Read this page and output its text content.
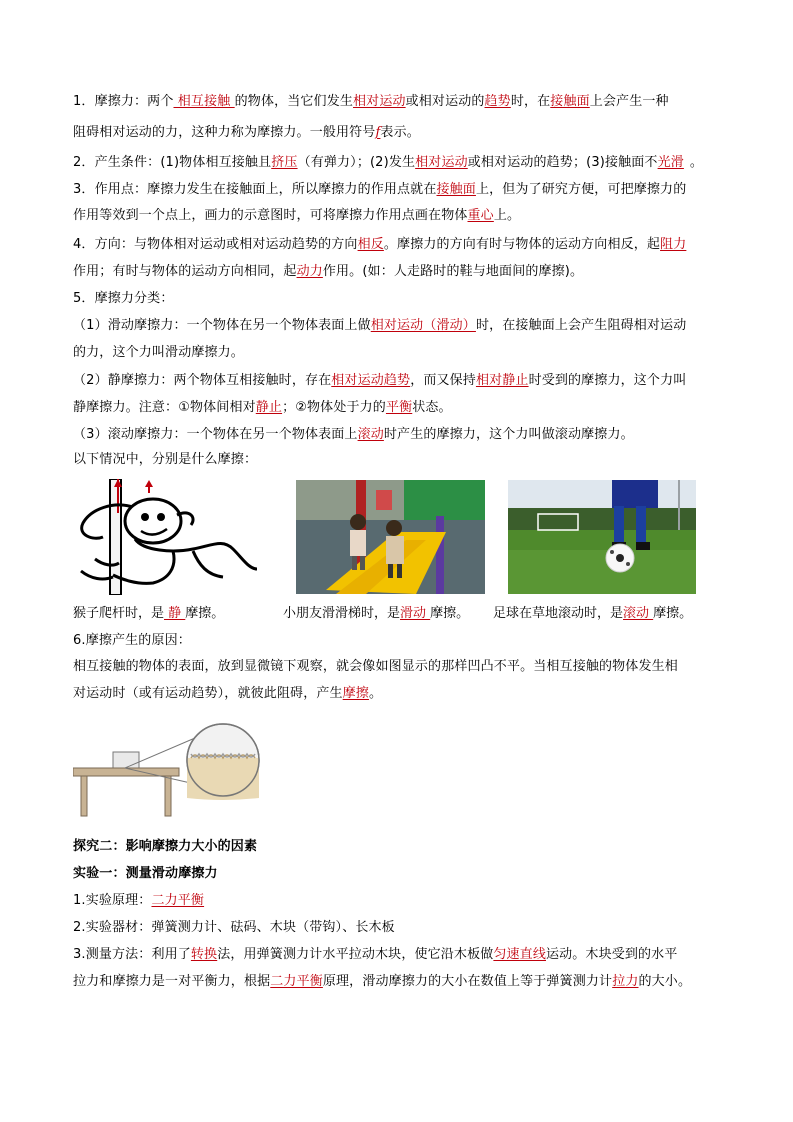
1．摩擦力：两个 相互接触 的物体，当它们发生相对运动或相对运动的趋势时，在接触面上会产生一种
阻碍相对运动的力，这种力称为摩擦力。一般用符号f表示。
2．产生条件：(1)物体相互接触且挤压（有弹力）；(2)发生相对运动或相对运动的趋势；(3)接触面不光滑 。
3．作用点：摩擦力发生在接触面上，所以摩擦力的作用点就在接触面上，但为了研究方便，可把摩擦力的
作用等效到一个点上，画力的示意图时，可将摩擦力作用点画在物体重心上。
4．方向：与物体相对运动或相对运动趋势的方向相反。摩擦力的方向有时与物体的运动方向相反，起阻力
作用；有时与物体的运动方向相同，起动力作用。(如：人走路时的鞋与地面间的摩擦)。
5．摩擦力分类：
（1）滑动摩擦力：一个物体在另一个物体表面上做相对运动（滑动）时，在接触面上会产生阻碍相对运动
的力，这个力叫滑动摩擦力。
（2）静摩擦力：两个物体互相接触时，存在相对运动趋势，而又保持相对静止时受到的摩擦力，这个力叫
静摩擦力。注意：①物体间相对静止；②物体处于力的平衡状态。
（3）滚动摩擦力：一个物体在另一个物体表面上滚动时产生的摩擦力，这个力叫做滚动摩擦力。
以下情况中，分别是什么摩擦：
猴子爬杆时，是 静 摩擦。	小朋友滑滑梯时，是滑动 摩擦。 足球在草地滚动时，是滚动 摩擦。
6.摩擦产生的原因：
相互接触的物体的表面，放到显微镜下观察，就会像如图显示的那样凹凸不平。当相互接触的物体发生相
对运动时（或有运动趋势），就彼此阻碍，产生摩擦。
探究二：影响摩擦力大小的因素
实验一：测量滑动摩擦力
1.实验原理：二力平衡
2.实验器材：弹簧测力计、砝码、木块（带钩）、长木板
3.测量方法：利用了转换法，用弹簧测力计水平拉动木块，使它沿木板做匀速直线运动。木块受到的水平
拉力和摩擦力是一对平衡力，根据二力平衡原理，滑动摩擦力的大小在数值上等于弹簧测力计拉力的大小。
